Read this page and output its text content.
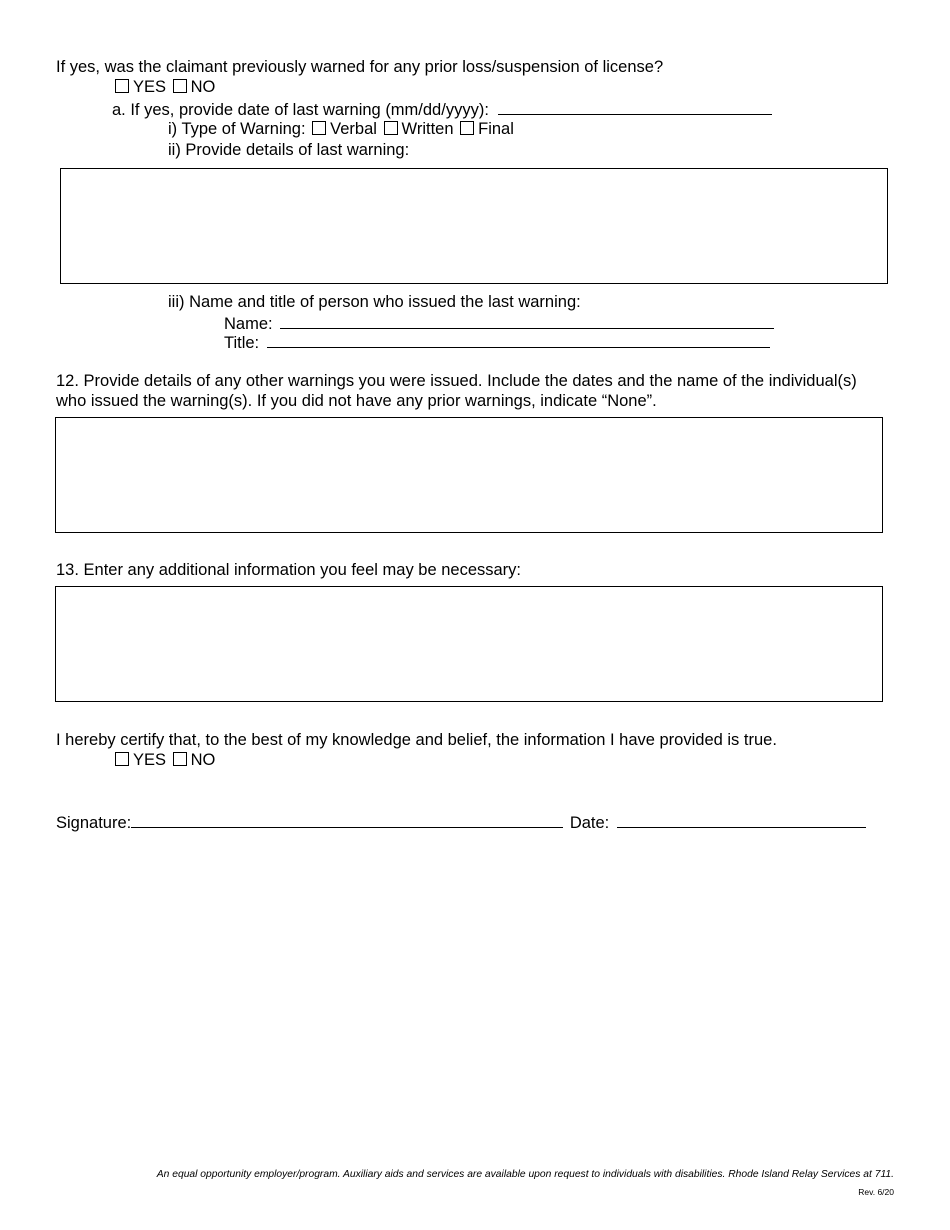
If yes, was the claimant previously warned for any prior loss/suspension of license?
YES NO
a. If yes, provide date of last warning (mm/dd/yyyy):
i) Type of Warning: Verbal Written Final
ii) Provide details of last warning:
iii) Name and title of person who issued the last warning:
Name:
Title:
12. Provide details of any other warnings you were issued. Include the dates and the name of the individual(s)
who issued the warning(s). If you did not have any prior warnings, indicate “None”.
13. Enter any additional information you feel may be necessary:
I hereby certify that, to the best of my knowledge and belief, the information I have provided is true.
YES NO
Signature:	Date:
An equal opportunity employer/program. Auxiliary aids and services are available upon request to individuals with disabilities. Rhode Island Relay Services at 711.
Rev. 6/20
